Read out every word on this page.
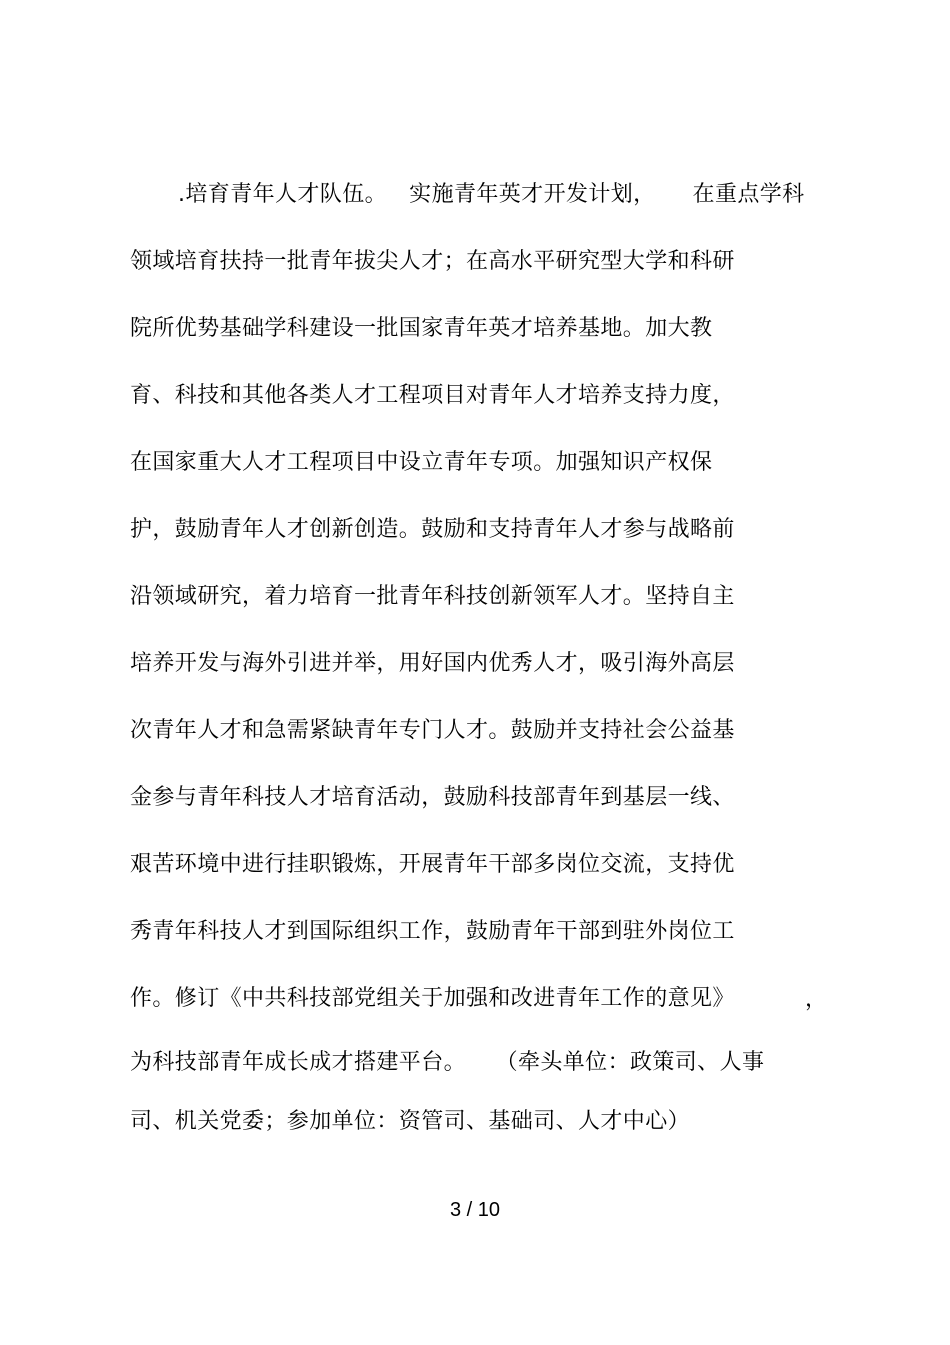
.培育青年人才队伍。   实施青年英才开发计划，     在重点学科
领域培育扶持一批青年拔尖人才；在高水平研究型大学和科研
院所优势基础学科建设一批国家青年英才培养基地。加大教
育、科技和其他各类人才工程项目对青年人才培养支持力度，
在国家重大人才工程项目中设立青年专项。加强知识产权保
护，鼓励青年人才创新创造。鼓励和支持青年人才参与战略前
沿领域研究，着力培育一批青年科技创新领军人才。坚持自主
培养开发与海外引进并举，用好国内优秀人才，吸引海外高层
次青年人才和急需紧缺青年专门人才。鼓励并支持社会公益基
金参与青年科技人才培育活动，鼓励科技部青年到基层一线、
艰苦环境中进行挂职锻炼，开展青年干部多岗位交流，支持优
秀青年科技人才到国际组织工作，鼓励青年干部到驻外岗位工
作。修订《中共科技部党组关于加强和改进青年工作的意见》	，
为科技部青年成长成才搭建平台。    （牵头单位：政策司、人事
司、机关党委；参加单位：资管司、基础司、人才中心）
3 / 10
